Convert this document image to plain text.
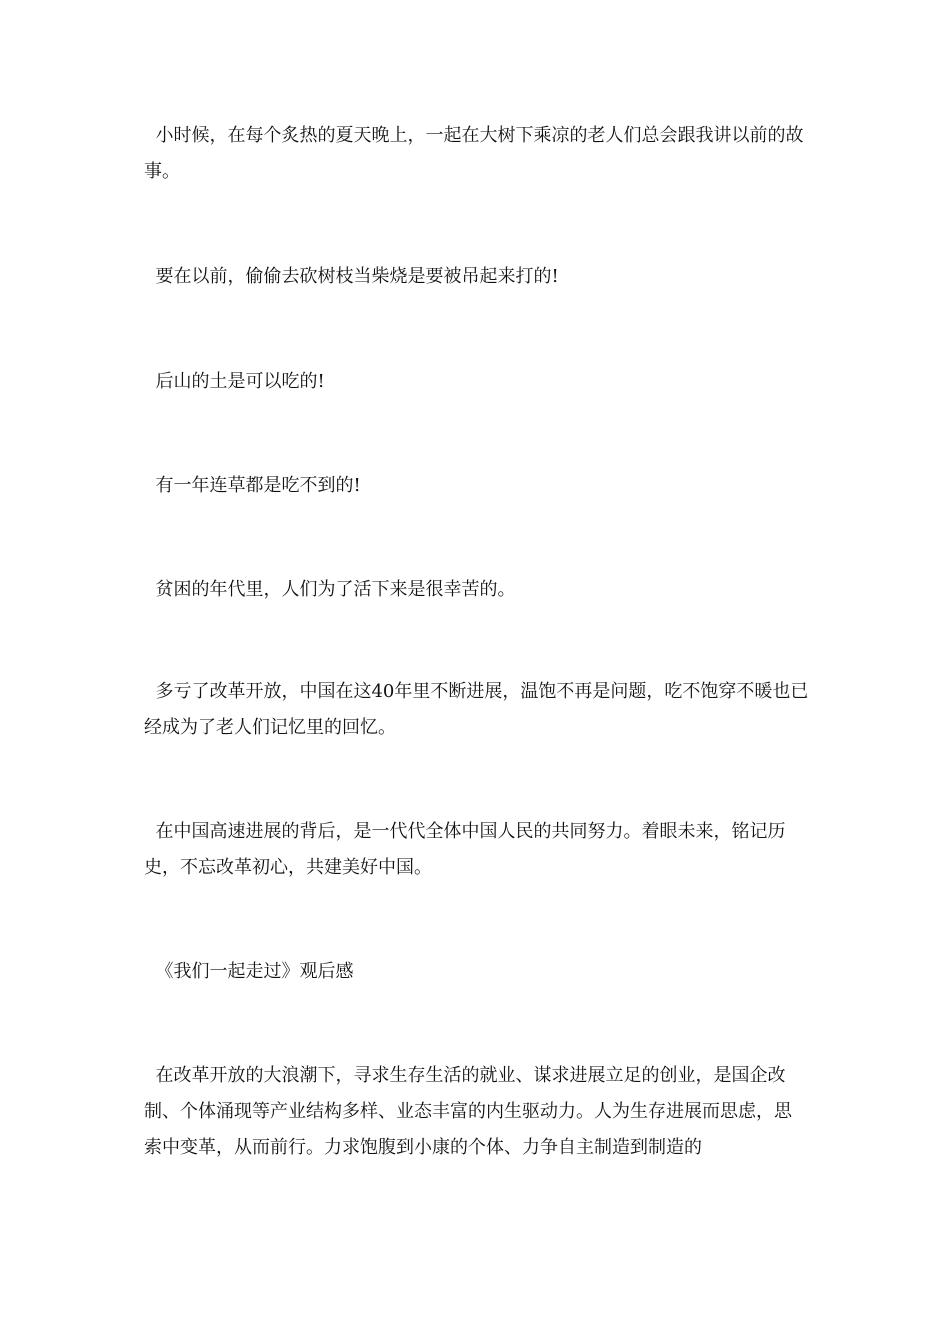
小时候，在每个炙热的夏天晚上，一起在大树下乘凉的老人们总会跟我讲以前的故事。

要在以前，偷偷去砍树枝当柴烧是要被吊起来打的!

后山的土是可以吃的!

有一年连草都是吃不到的!

贫困的年代里，人们为了活下来是很幸苦的。

多亏了改革开放，中国在这40年里不断进展，温饱不再是问题，吃不饱穿不暖也已经成为了老人们记忆里的回忆。

在中国高速进展的背后，是一代代全体中国人民的共同努力。着眼未来，铭记历史，不忘改革初心，共建美好中国。

《我们一起走过》观后感

在改革开放的大浪潮下，寻求生存生活的就业、谋求进展立足的创业，是国企改制、个体涌现等产业结构多样、业态丰富的内生驱动力。人为生存进展而思虑，思索中变革，从而前行。力求饱腹到小康的个体、力争自主制造到制造的
